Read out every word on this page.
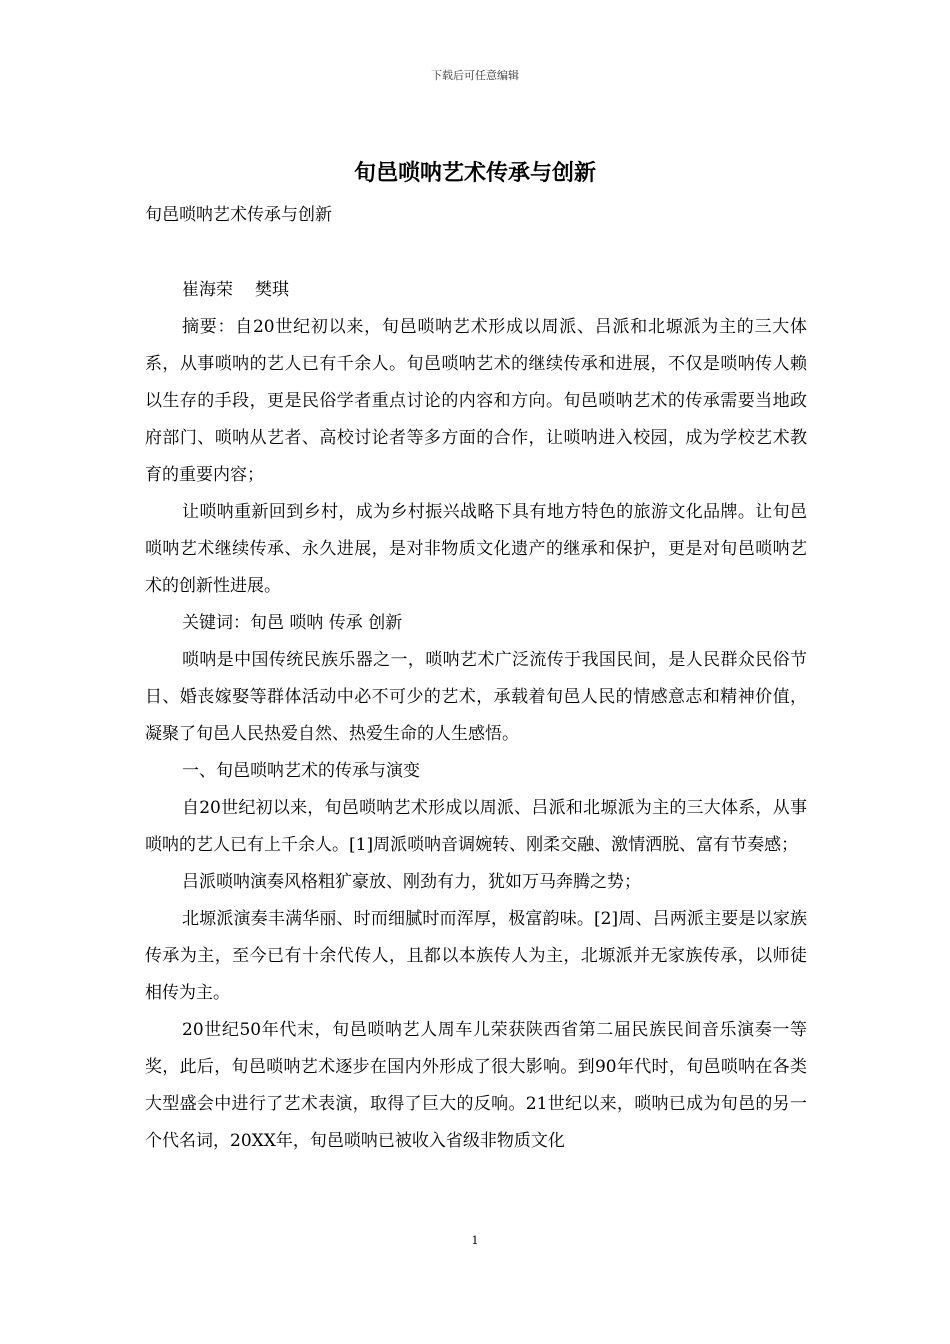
下载后可任意编辑
旬邑唢呐艺术传承与创新
旬邑唢呐艺术传承与创新
崔海荣 樊琪

摘要：自20世纪初以来，旬邑唢呐艺术形成以周派、吕派和北塬派为主的三大体系，从事唢呐的艺人已有千余人。旬邑唢呐艺术的继续传承和进展，不仅是唢呐传人赖以生存的手段，更是民俗学者重点讨论的内容和方向。旬邑唢呐艺术的传承需要当地政府部门、唢呐从艺者、高校讨论者等多方面的合作，让唢呐进入校园，成为学校艺术教育的重要内容；

让唢呐重新回到乡村，成为乡村振兴战略下具有地方特色的旅游文化品牌。让旬邑唢呐艺术继续传承、永久进展，是对非物质文化遗产的继承和保护，更是对旬邑唢呐艺术的创新性进展。

关键词：旬邑 唢呐 传承 创新

唢呐是中国传统民族乐器之一，唢呐艺术广泛流传于我国民间，是人民群众民俗节日、婚丧嫁娶等群体活动中必不可少的艺术，承载着旬邑人民的情感意志和精神价值，凝聚了旬邑人民热爱自然、热爱生命的人生感悟。

一、旬邑唢呐艺术的传承与演变

自20世纪初以来，旬邑唢呐艺术形成以周派、吕派和北塬派为主的三大体系，从事唢呐的艺人已有上千余人。[1]周派唢呐音调婉转、刚柔交融、激情洒脱、富有节奏感；

吕派唢呐演奏风格粗犷豪放、刚劲有力，犹如万马奔腾之势；

北塬派演奏丰满华丽、时而细腻时而浑厚，极富韵味。[2]周、吕两派主要是以家族传承为主，至今已有十余代传人，且都以本族传人为主，北塬派并无家族传承，以师徒相传为主。

20世纪50年代末，旬邑唢呐艺人周车儿荣获陕西省第二届民族民间音乐演奏一等奖，此后，旬邑唢呐艺术逐步在国内外形成了很大影响。到90年代时，旬邑唢呐在各类大型盛会中进行了艺术表演，取得了巨大的反响。21世纪以来，唢呐已成为旬邑的另一个代名词，20XX年，旬邑唢呐已被收入省级非物质文化

1
